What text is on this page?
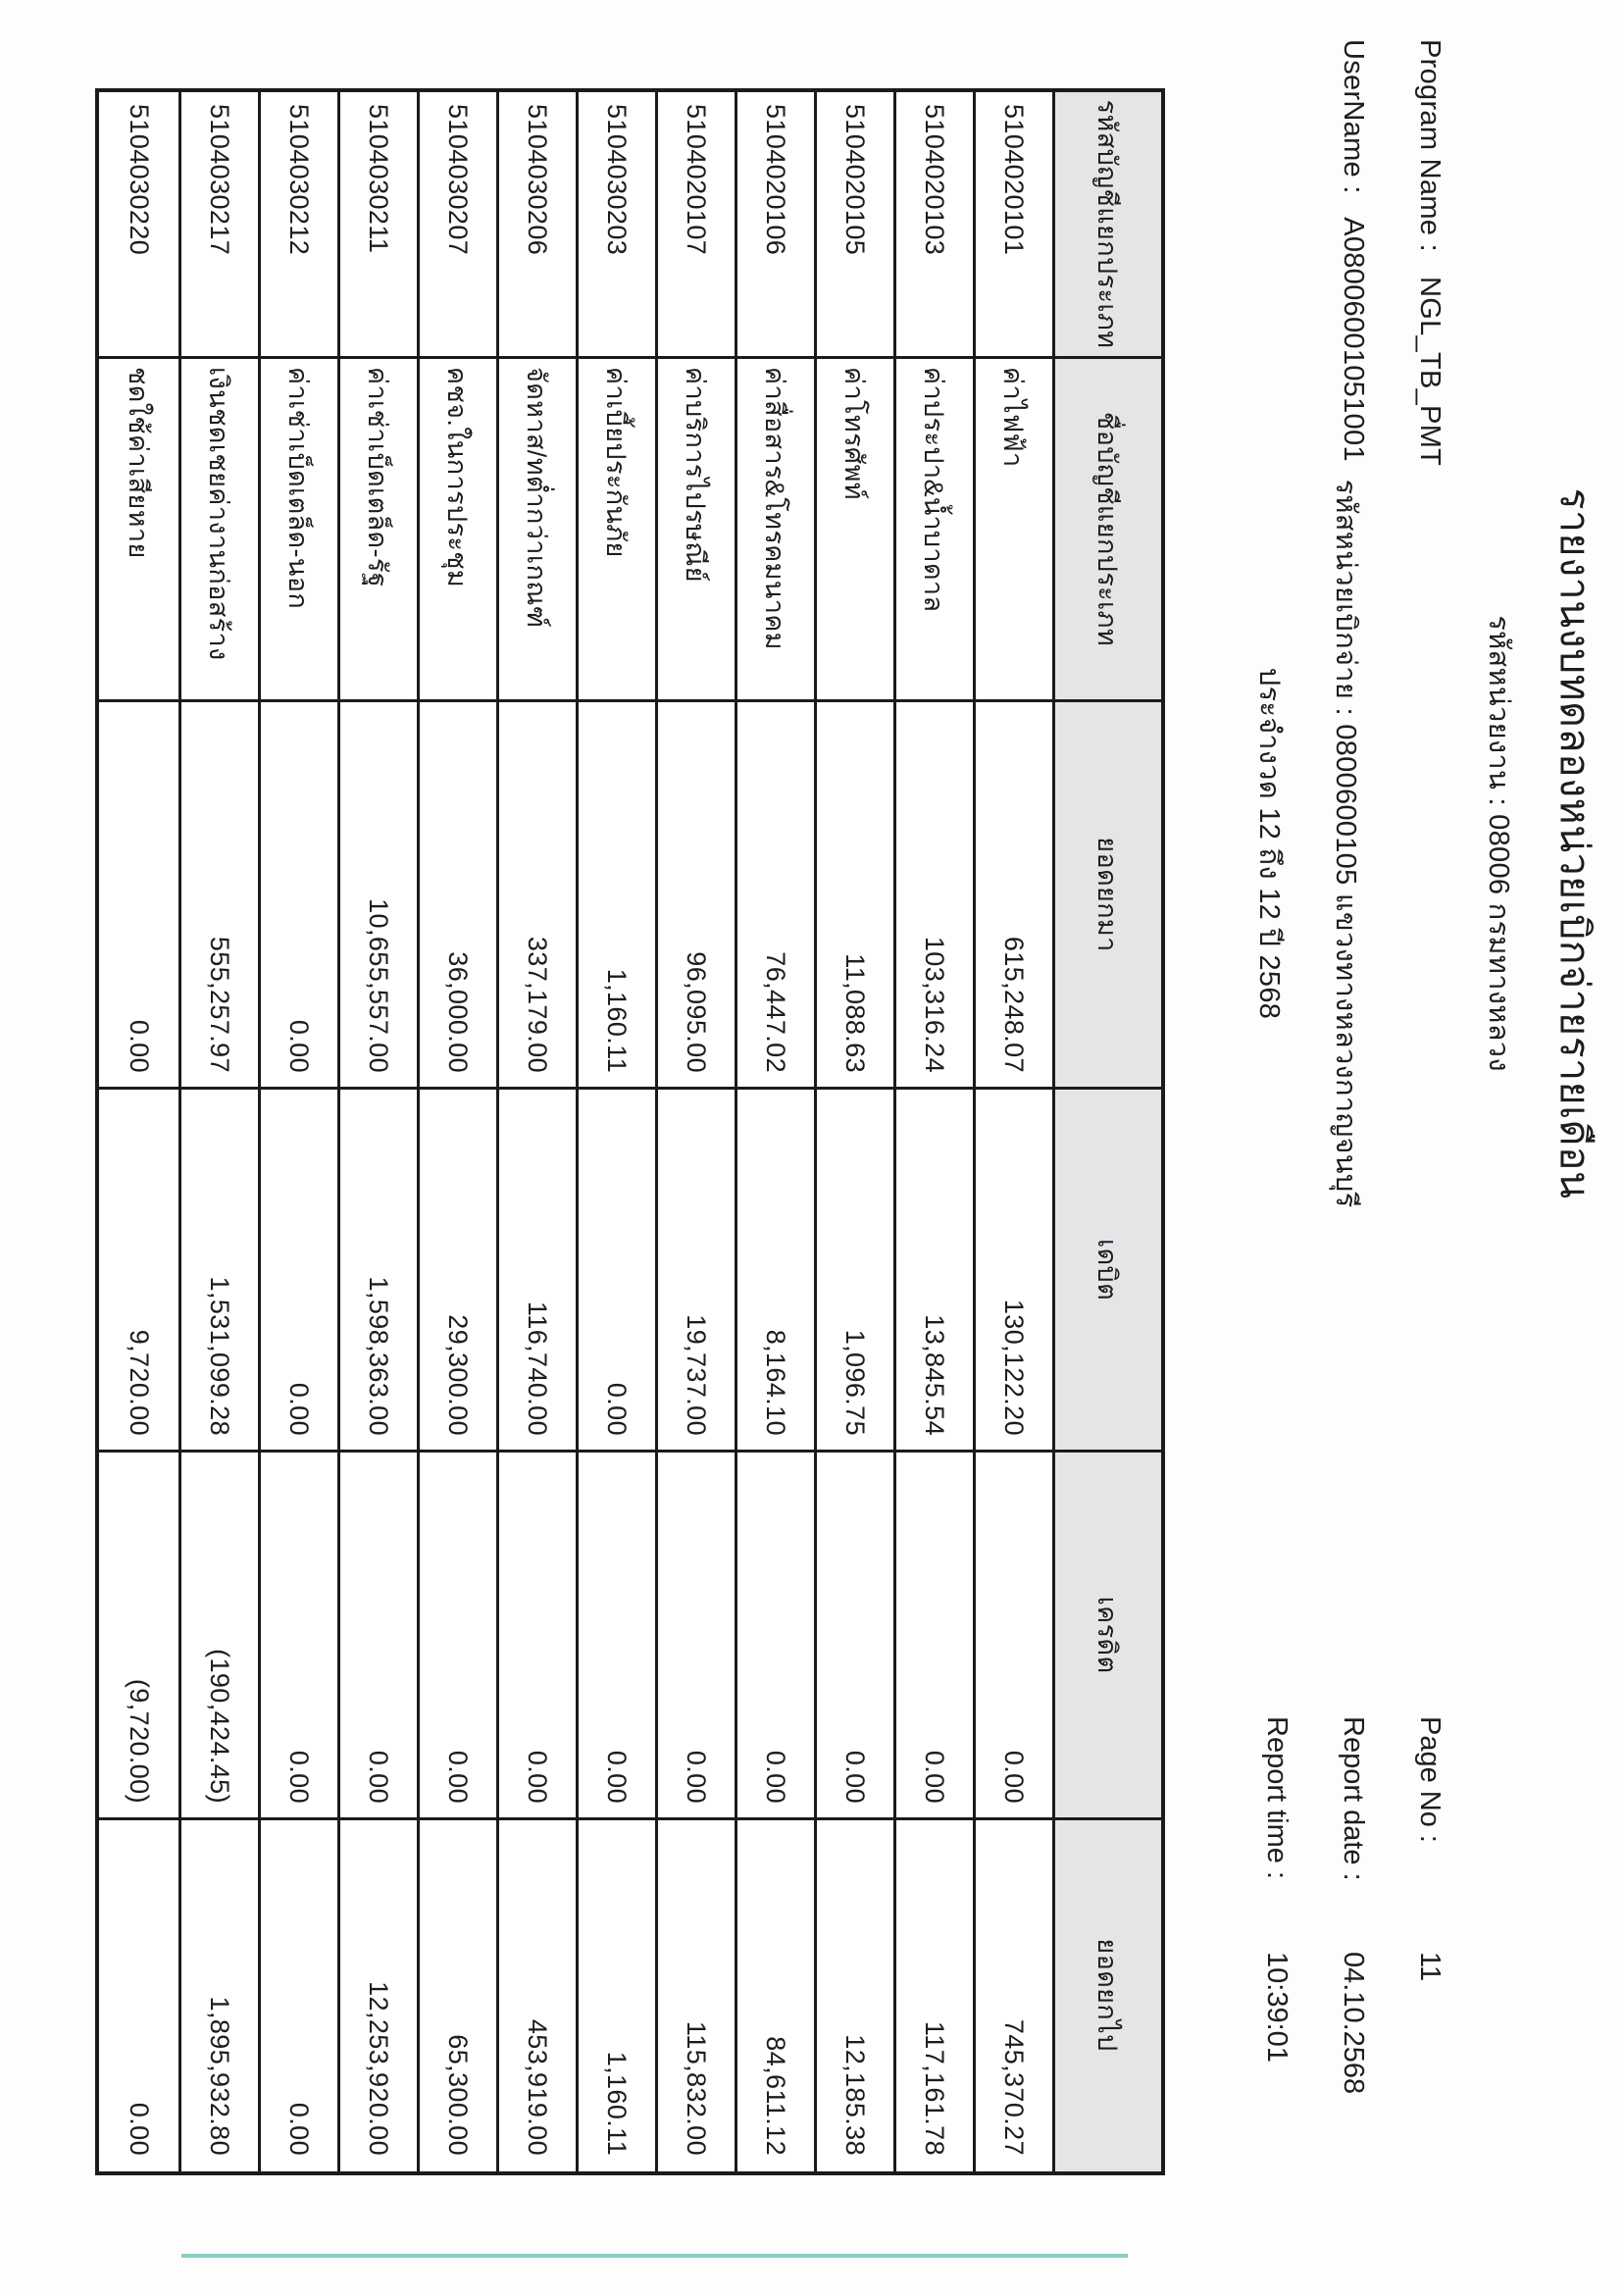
รายงานงบทดลองหน่วยเบิกจ่ายรายเดือน
รหัสหน่วยงาน : 08006 กรมทางหลวง
Program Name :   NGL_TB_PMT
Page No :
11
UserName :   A08006001051001
รหัสหน่วยเบิกจ่าย : 0800600105 แขวงทางหลวงกาญจนบุรี
Report date :
04.10.2568
ประจำงวด 12 ถึง 12 ปี 2568
Report time :
10:39:01
รหัสบัญชีแยกประเภท
ชื่อบัญชีแยกประเภท
ยอดยกมา
เดบิต
เครดิต
ยอดยกไป
5104020101
ค่าไฟฟ้า
615,248.07
130,122.20
0.00
745,370.27
5104020103
ค่าประปา&น้ำบาดาล
103,316.24
13,845.54
0.00
117,161.78
5104020105
ค่าโทรศัพท์
11,088.63
1,096.75
0.00
12,185.38
5104020106
ค่าสื่อสาร&โทรคมนาคม
76,447.02
8,164.10
0.00
84,611.12
5104020107
ค่าบริการไปรษณีย์
96,095.00
19,737.00
0.00
115,832.00
5104030203
ค่าเบี้ยประกันภัย
1,160.11
0.00
0.00
1,160.11
5104030206
จัดหาส/ทต่ำกว่าเกณฑ์
337,179.00
116,740.00
0.00
453,919.00
5104030207
คชจ.ในการประชุม
36,000.00
29,300.00
0.00
65,300.00
5104030211
ค่าเช่าเบ็ดเตล็ด-รัฐ
10,655,557.00
1,598,363.00
0.00
12,253,920.00
5104030212
ค่าเช่าเบ็ดเตล็ด-นอก
0.00
0.00
0.00
0.00
5104030217
เงินชดเชยค่างานก่อสร้าง
555,257.97
1,531,099.28
(190,424.45)
1,895,932.80
5104030220
ชดใช้ค่าเสียหาย
0.00
9,720.00
(9,720.00)
0.00
